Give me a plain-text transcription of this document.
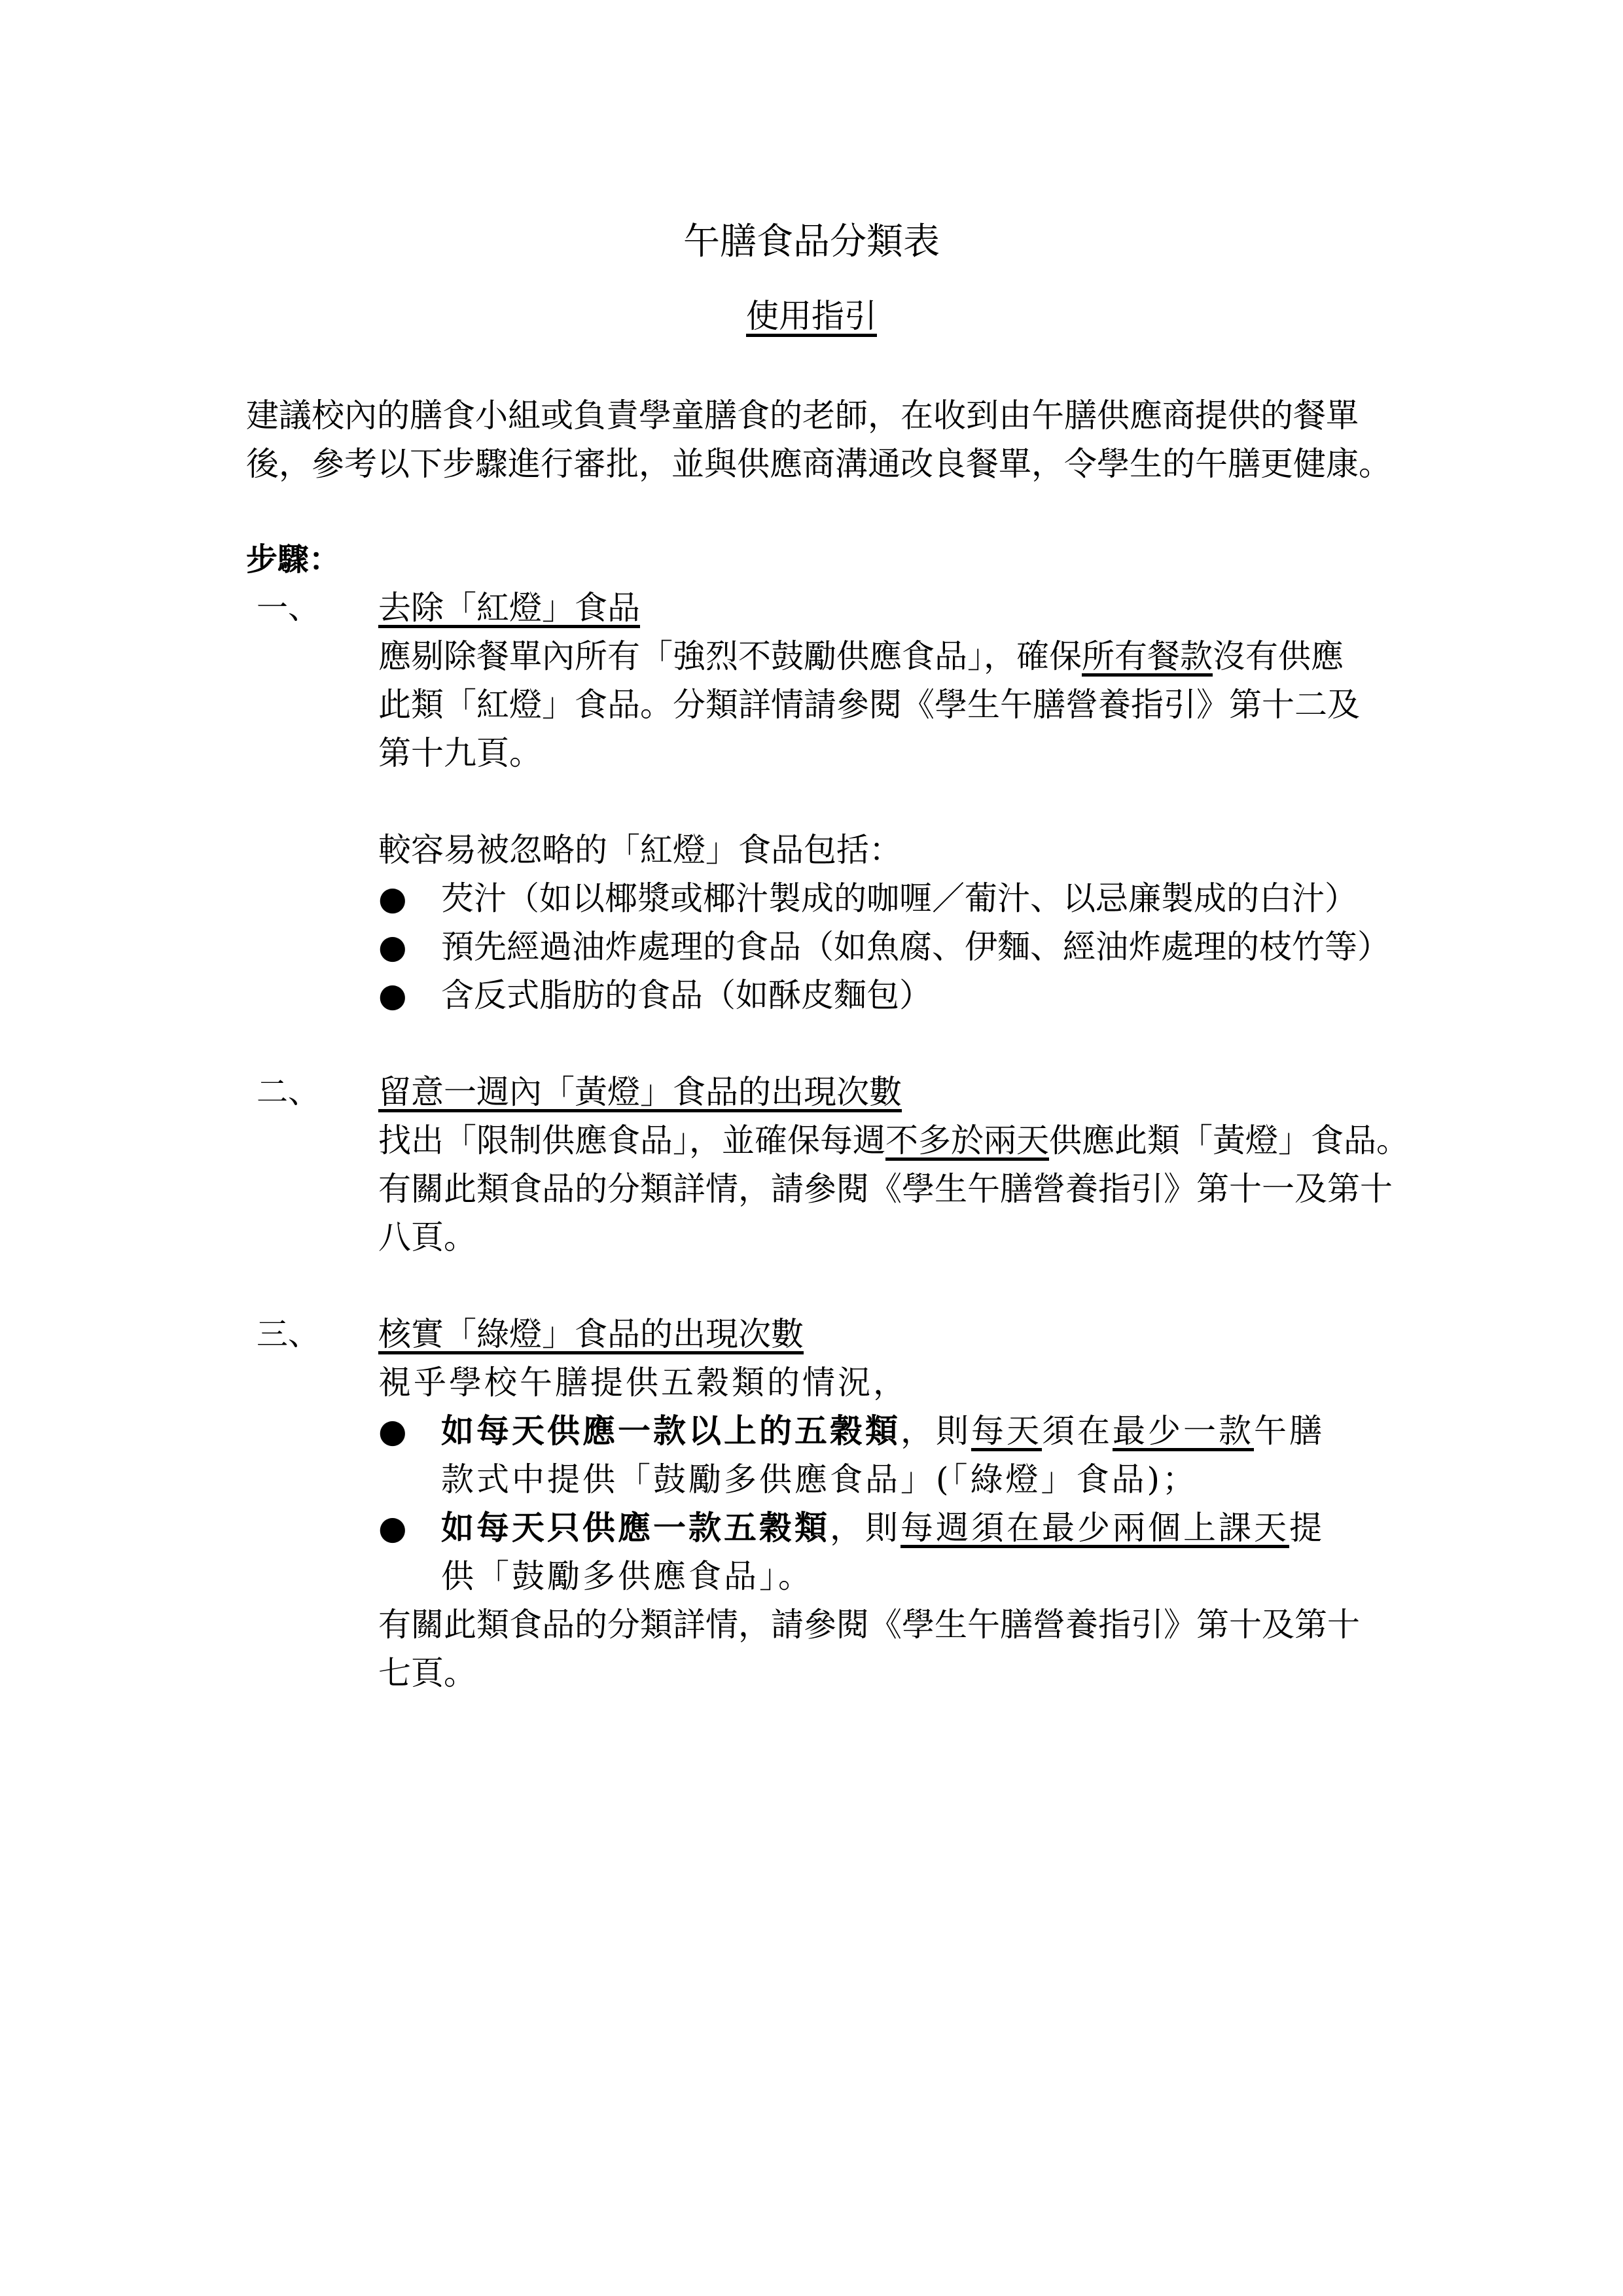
午膳食品分類表
使用指引
建議校內的膳食小組或負責學童膳食的老師，在收到由午膳供應商提供的餐單
後，參考以下步驟進行審批，並與供應商溝通改良餐單，令學生的午膳更健康。
步驟：
一、 去除「紅燈」食品
應剔除餐單內所有「強烈不鼓勵供應食品」，確保所有餐款沒有供應
此類「紅燈」食品。分類詳情請參閱《學生午膳營養指引》第十二及
第十九頁。
較容易被忽略的「紅燈」食品包括：
● 芡汁（如以椰漿或椰汁製成的咖喱／葡汁、以忌廉製成的白汁）
● 預先經過油炸處理的食品（如魚腐、伊麵、經油炸處理的枝竹等）
● 含反式脂肪的食品（如酥皮麵包）
二、 留意一週內「黃燈」食品的出現次數
找出「限制供應食品」，並確保每週不多於兩天供應此類「黃燈」食品。
有關此類食品的分類詳情，請參閱《學生午膳營養指引》第十一及第十
八頁。
三、 核實「綠燈」食品的出現次數
視乎學校午膳提供五穀類的情況，
● 如每天供應一款以上的五穀類，則每天須在最少一款午膳
款式中提供「鼓勵多供應食品」(「綠燈」食品)；
● 如每天只供應一款五穀類，則每週須在最少兩個上課天提
供「鼓勵多供應食品」。
有關此類食品的分類詳情，請參閱《學生午膳營養指引》第十及第十
七頁。
